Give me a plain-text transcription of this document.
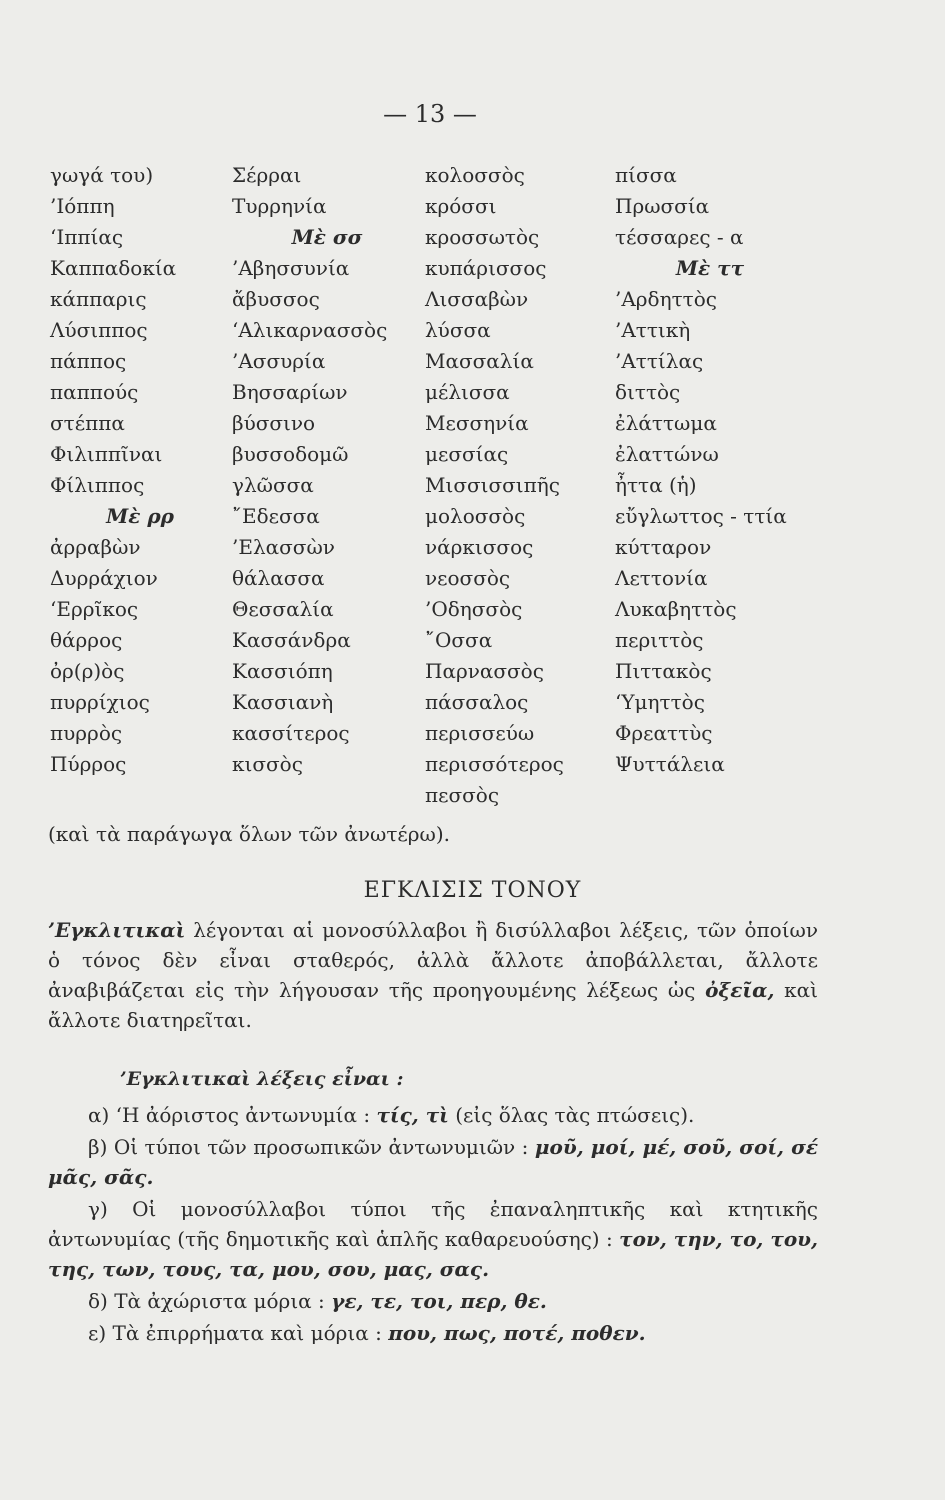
— 13 —
γωγά του)
’Ιόππη
‘Ιππίας
Καππαδοκία
κάππαρις
Λύσιππος
πάππος
παππούς
στέππα
Φιλιππῖναι
Φίλιππος
Μὲ ρρ
ἀρραβὼν
Δυρράχιον
‘Ερρῖκος
θάρρος
ὀρ(ρ)ὸς
πυρρίχιος
πυρρὸς
Πύρρος
Σέρραι
Τυρρηνία
Μὲ σσ
’Αβησσυνία
ἄβυσσος
‘Αλικαρνασσὸς
’Ασσυρία
Βησσαρίων
βύσσινο
βυσσοδομῶ
γλῶσσα
῎Εδεσσα
’Ελασσὼν
θάλασσα
Θεσσαλία
Κασσάνδρα
Κασσιόπη
Κασσιανὴ
κασσίτερος
κισσὸς
κολοσσὸς
κρόσσι
κροσσωτὸς
κυπάρισσος
Λισσαβὼν
λύσσα
Μασσαλία
μέλισσα
Μεσσηνία
μεσσίας
Μισσισσιπῆς
μολοσσὸς
νάρκισσος
νεοσσὸς
’Οδησσὸς
῎Οσσα
Παρνασσὸς
πάσσαλος
περισσεύω
περισσότερος
πεσσὸς
πίσσα
Πρωσσία
τέσσαρες - α
Μὲ ττ
’Αρδηττὸς
’Αττικὴ
’Αττίλας
διττὸς
ἐλάττωμα
ἐλαττώνω
ἦττα (ἡ)
εὔγλωττος - ττία
κύτταρον
Λεττονία
Λυκαβηττὸς
περιττὸς
Πιττακὸς
‘Υμηττὸς
Φρεαττὺς
Ψυττάλεια
(καὶ τὰ παράγωγα ὅλων τῶν ἀνωτέρω).
ΕΓΚΛΙΣΙΣ ΤΟΝΟΥ
’Εγκλιτικαὶ λέγονται αἱ μονοσύλλαβοι ἢ δισύλλαβοι λέξεις, τῶν ὁποίων ὁ τόνος δὲν εἶναι σταθερός, ἀλλὰ ἄλλοτε ἀποβάλλεται, ἄλλοτε ἀναβιβάζεται εἰς τὴν λήγουσαν τῆς προηγουμένης λέξεως ὡς ὀξεῖα, καὶ ἄλλοτε διατηρεῖται.
’Εγκλιτικαὶ λέξεις εἶναι :
α) ‘Η ἀόριστος ἀντωνυμία : τίς, τὶ (εἰς ὅλας τὰς πτώσεις).
β) Οἱ τύποι τῶν προσωπικῶν ἀντωνυμιῶν : μοῦ, μοί, μέ, σοῦ, σοί, σέ μᾶς, σᾶς.
γ) Οἱ μονοσύλλαβοι τύποι τῆς ἐπαναληπτικῆς καὶ κτητικῆς ἀντωνυμίας (τῆς δημοτικῆς καὶ ἁπλῆς καθαρευούσης) : τον, την, το, του, της, των, τους, τα, μου, σου, μας, σας.
δ) Τὰ ἀχώριστα μόρια : γε, τε, τοι, περ, θε.
ε) Τὰ ἐπιρρήματα καὶ μόρια : που, πως, ποτέ, ποθεν.
